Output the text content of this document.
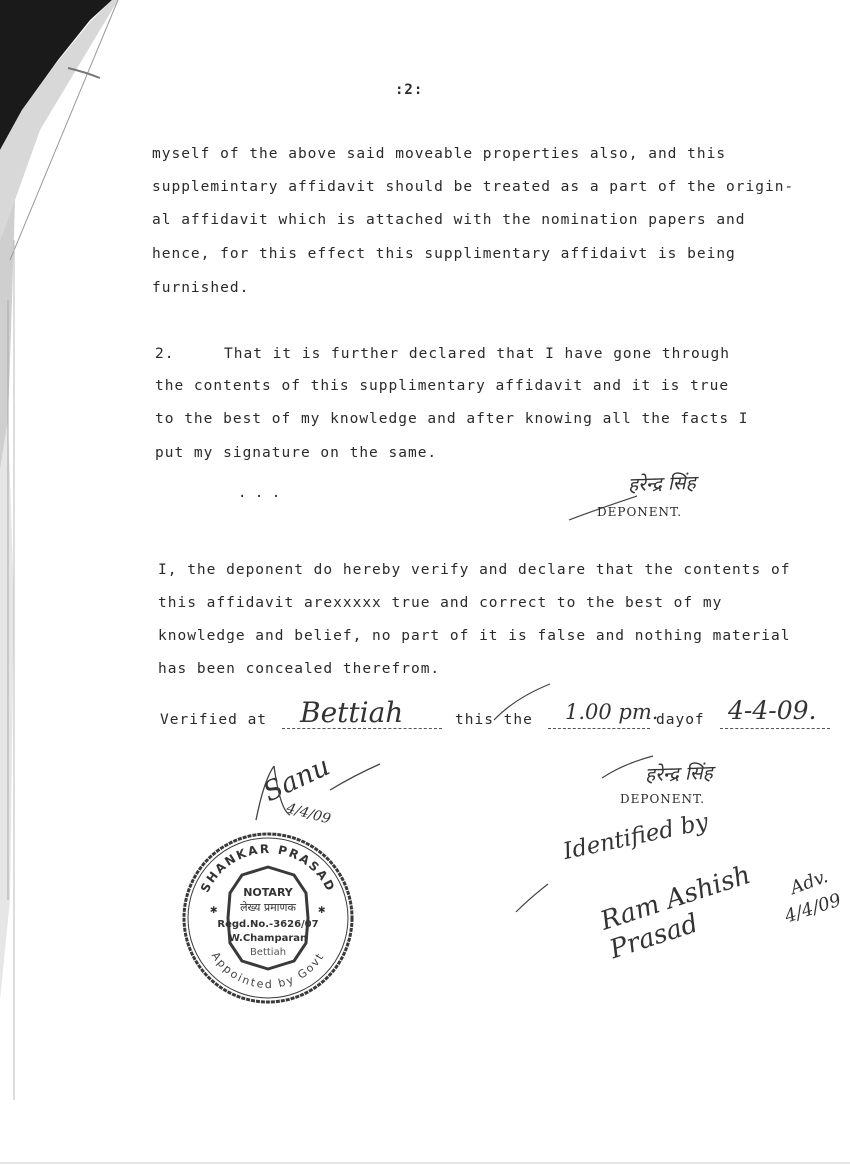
:2:
myself of the above said moveable properties also, and this
supplemintary affidavit should be treated as a part of the origin-
al affidavit which is attached with the nomination papers and
hence, for this effect this supplimentary affidaivt is being
furnished.
2.	That it is further declared that I have gone through
the contents of this supplimentary affidavit and it is true
to the best of my knowledge and after knowing all the facts I
put my signature on the same.
. . .	हरेन्द्र सिंह
DEPONENT.
I, the deponent do hereby verify and declare that the contents of
this affidavit arexxxxx true and correct to the best of my
knowledge and belief, no part of it is false and nothing material
has been concealed therefrom.
Verified at Bettiah	this the 1.00 pm.
dayof 4-4-09.
Sanu
4/4/09
SHANKAR PRASAD
Appointed by Govt
NOTARY
लेख्य प्रमाणक
Regd.No.-3626/07
W.Champaran
Bettiah
✱	✱
हरेन्द्र सिंह
DEPONENT.
Identified by
Ram Ashish Prasad
Adv.
4/4/09
